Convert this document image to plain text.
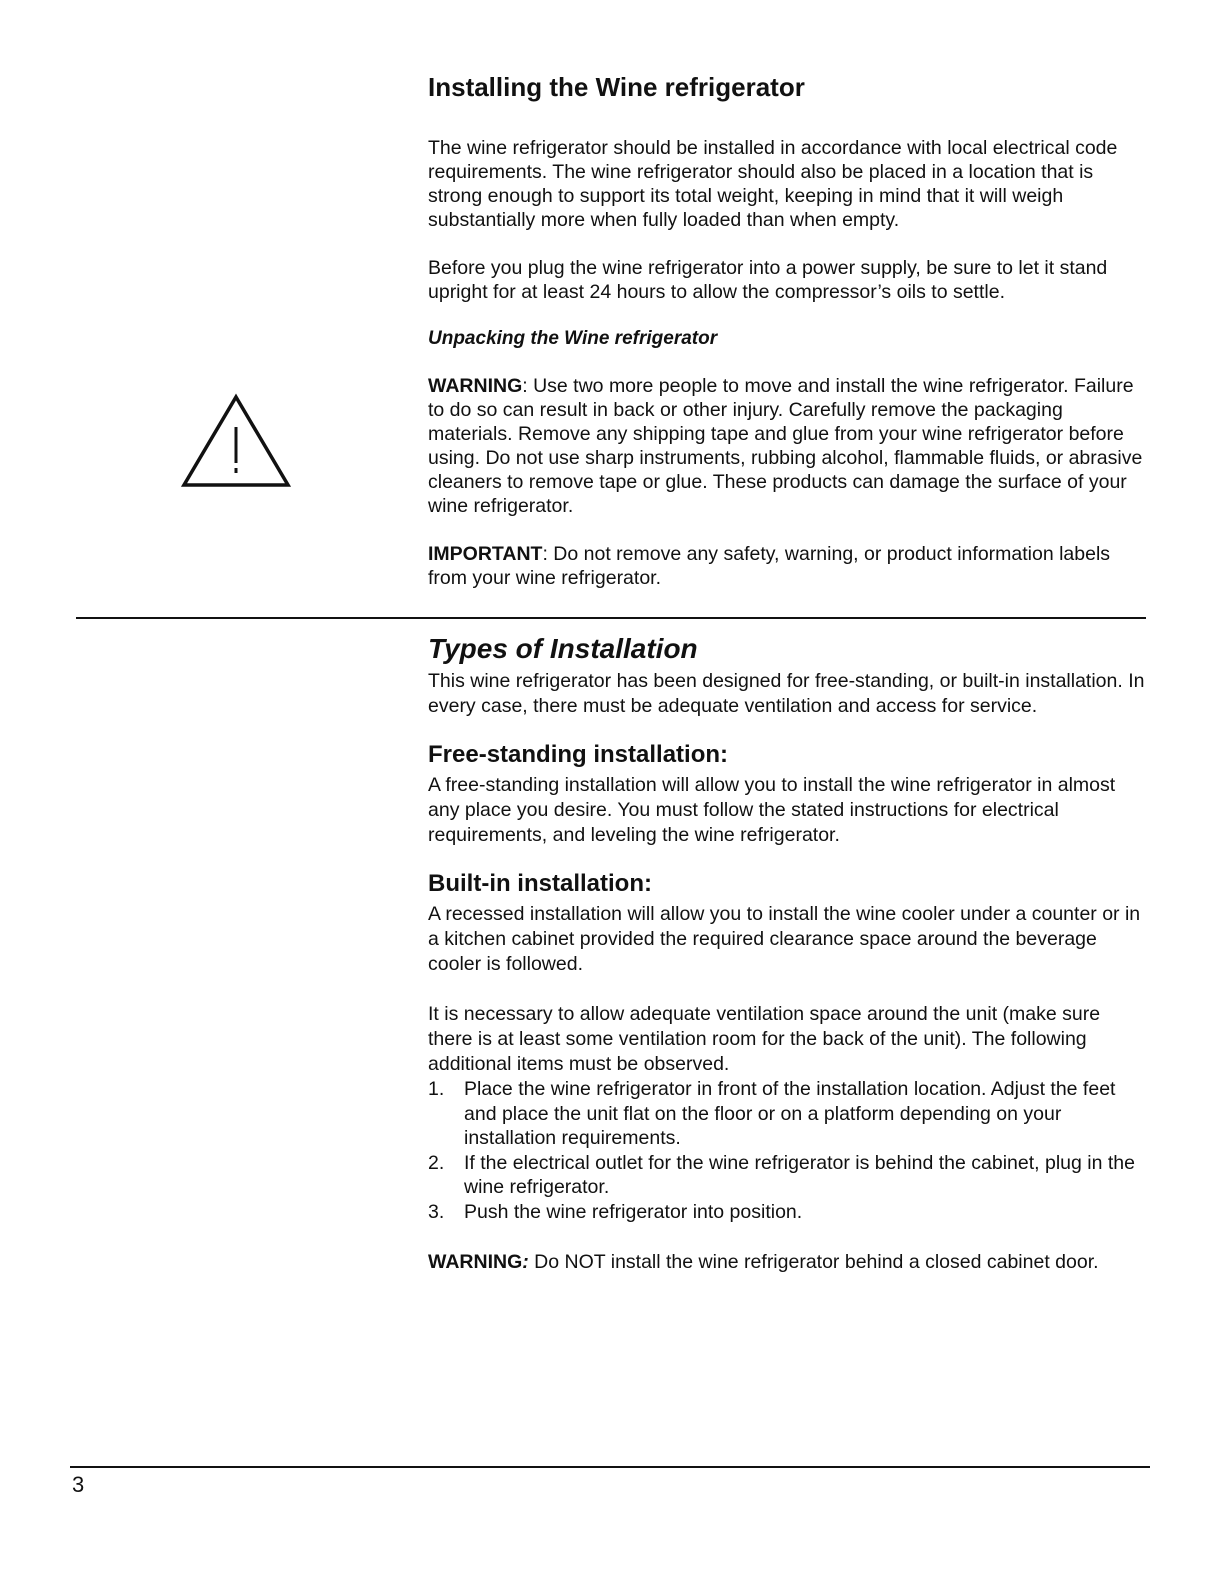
Installing the Wine refrigerator

The wine refrigerator should be installed in accordance with local electrical code requirements. The wine refrigerator should also be placed in a location that is strong enough to support its total weight, keeping in mind that it will weigh substantially more when fully loaded than when empty.

Before you plug the wine refrigerator into a power supply, be sure to let it stand upright for at least 24 hours to allow the compressor’s oils to settle.

Unpacking the Wine refrigerator

WARNING: Use two more people to move and install the wine refrigerator. Failure to do so can result in back or other injury. Carefully remove the packaging materials. Remove any shipping tape and glue from your wine refrigerator before using. Do not use sharp instruments, rubbing alcohol, flammable fluids, or abrasive cleaners to remove tape or glue. These products can damage the surface of your wine refrigerator.

IMPORTANT: Do not remove any safety, warning, or product information labels from your wine refrigerator.

Types of Installation

This wine refrigerator has been designed for free-standing, or built-in installation. In every case, there must be adequate ventilation and access for service.

Free-standing installation:

A free-standing installation will allow you to install the wine refrigerator in almost any place you desire. You must follow the stated instructions for electrical requirements, and leveling the wine refrigerator.

Built-in installation:

A recessed installation will allow you to install the wine cooler under a counter or in a kitchen cabinet provided the required clearance space around the beverage cooler is followed.

It is necessary to allow adequate ventilation space around the unit (make sure there is at least some ventilation room for the back of the unit). The following additional items must be observed.

1. Place the wine refrigerator in front of the installation location. Adjust the feet and place the unit flat on the floor or on a platform depending on your installation requirements.
2. If the electrical outlet for the wine refrigerator is behind the cabinet, plug in the wine refrigerator.
3. Push the wine refrigerator into position.

WARNING: Do NOT install the wine refrigerator behind a closed cabinet door.

3
